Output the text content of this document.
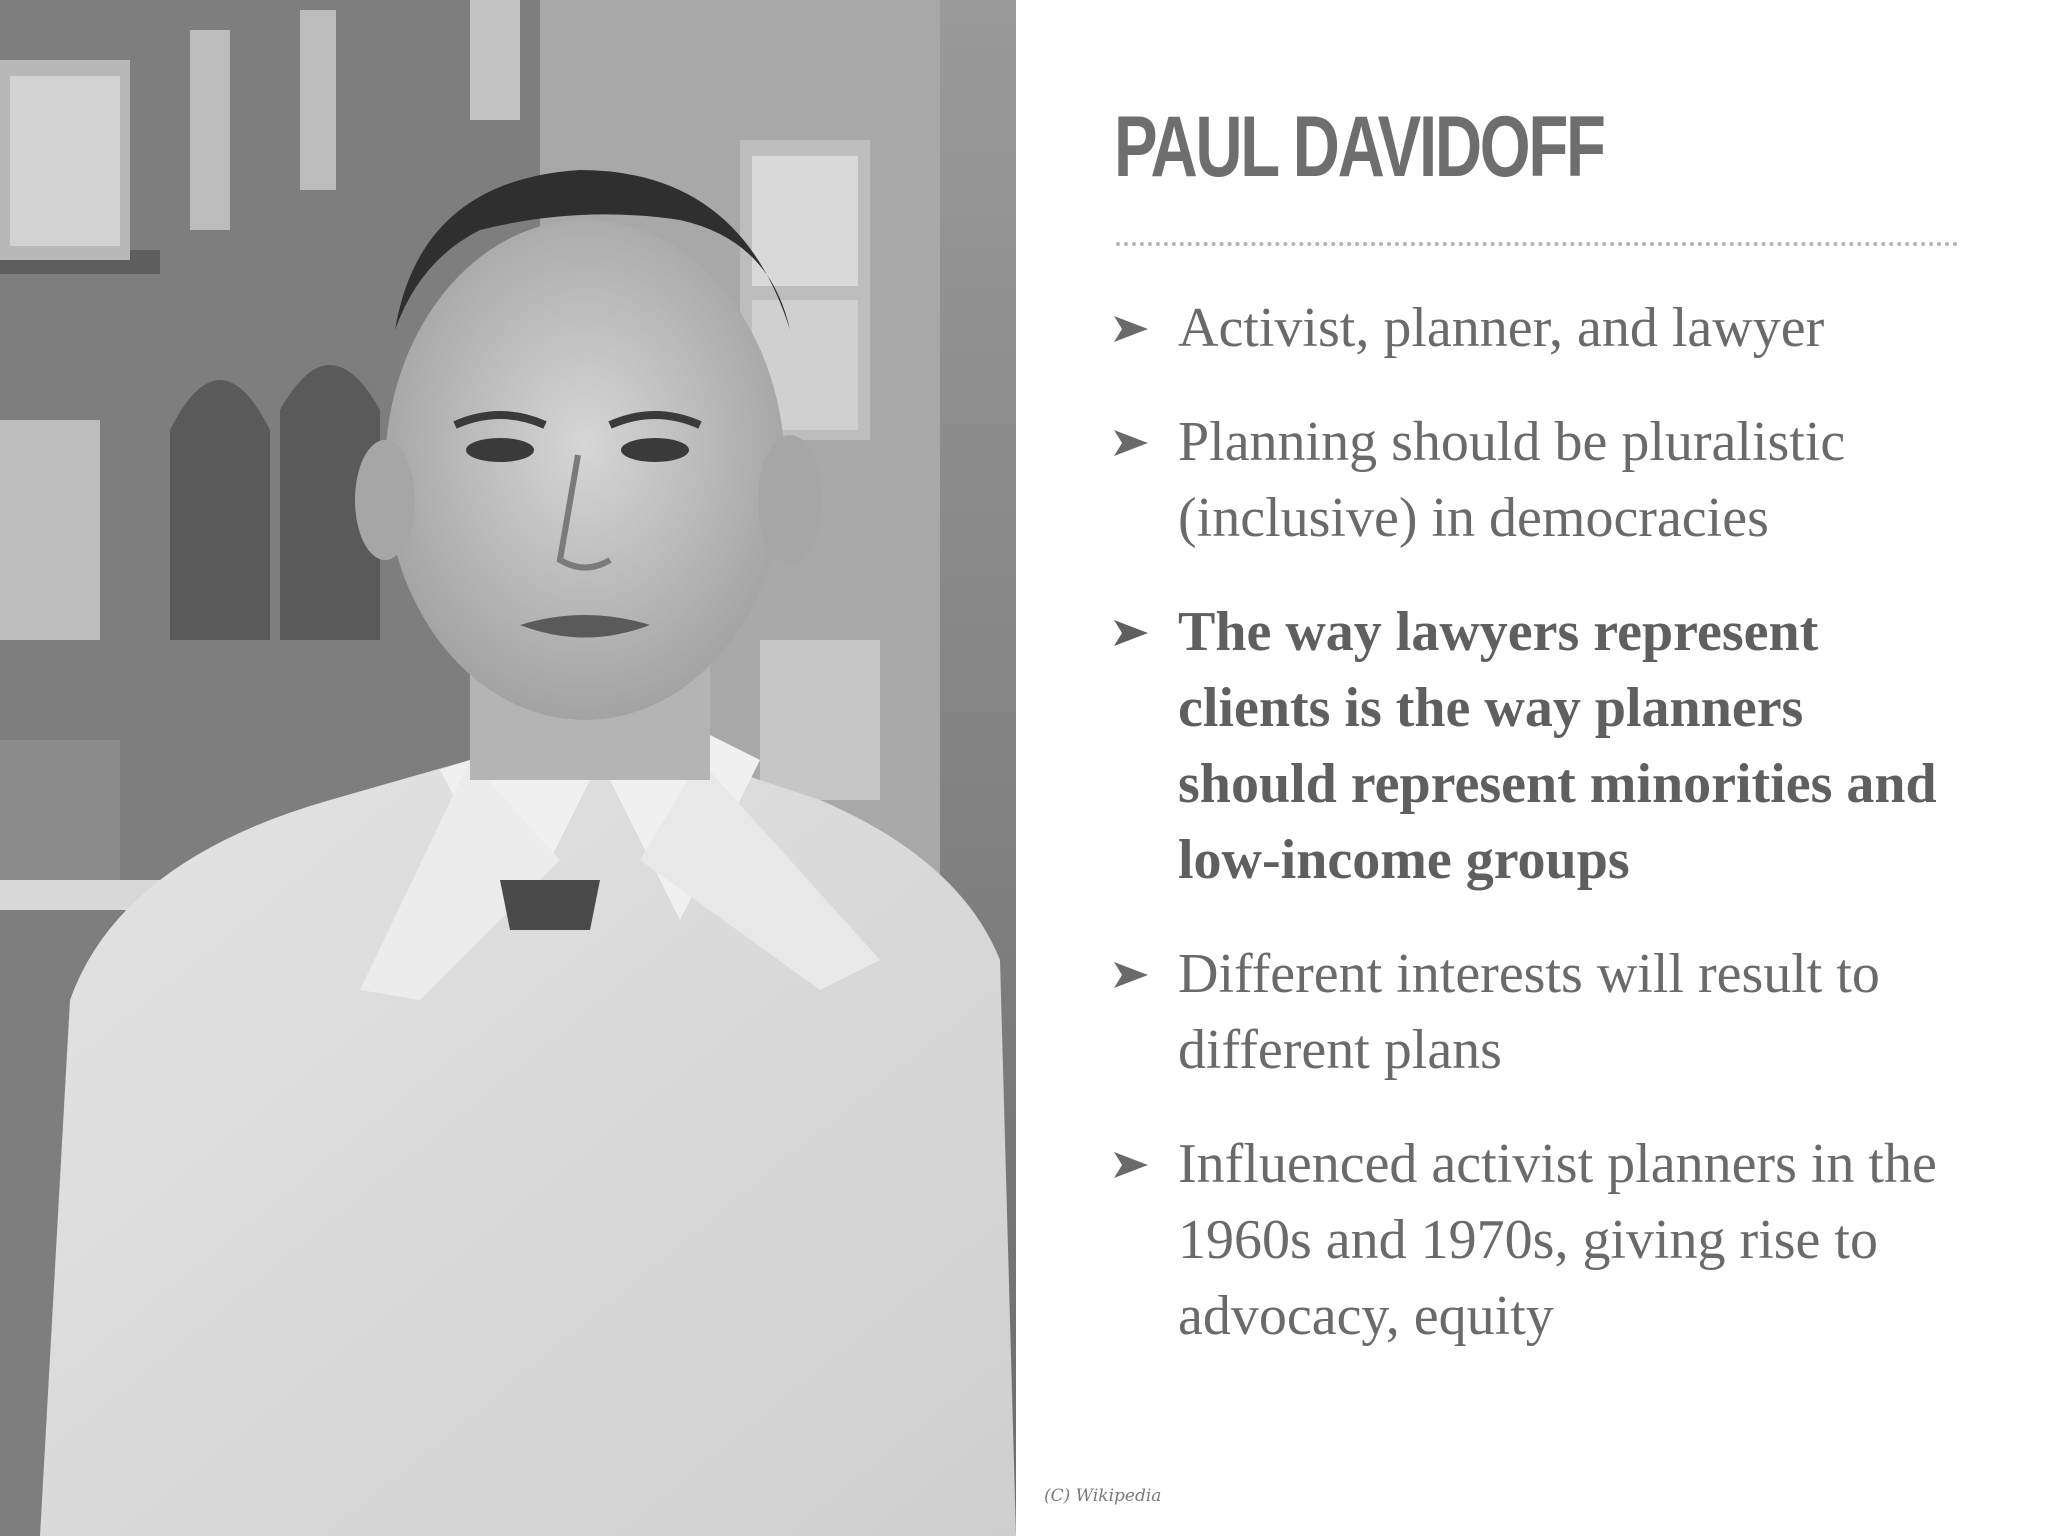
(C) Wikipedia
PAUL DAVIDOFF
Activist, planner, and lawyer
Planning should be pluralistic (inclusive) in democracies
The way lawyers represent clients is the way planners should represent minorities and low-income groups
Different interests will result to different plans
Influenced activist planners in the 1960s and 1970s, giving rise to advocacy, equity
